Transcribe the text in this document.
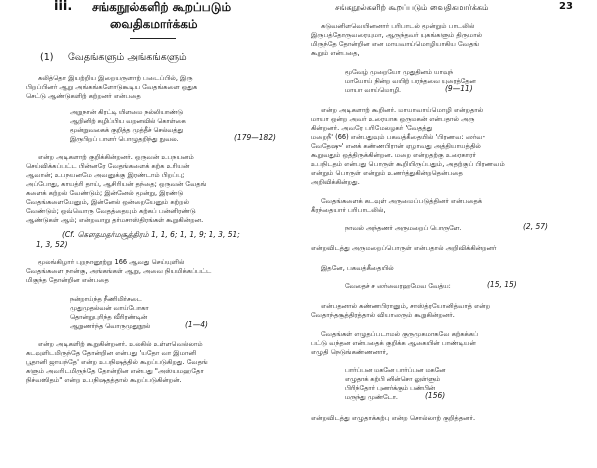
iii. சங்கநூல்களிற் கூறப்படும்
வைதிகமார்க்கம்
(1) வேதங்களும் அங்கங்களும்
கலித்தொ இயற்றிய இறையருளாற் படைப்பில், இரு
பிறப்பினர் ஆறு அங்கங்களோடுகூடிய வேதங்களை ஒதுக
செட்டு ஆண்டுகளிற் கற்றனர் என்பதை
அறுநான் கிரட்டி யிளமை நல்லியாண்டு
ஆறினிற் கழிப்பிய வறனவில் கொள்கை
மூன்றுவகைக் குறித்த முத்தீச் செல்வத்து
இருபிறப் பாளர் பொழுதறிந்து நுவல.	(179—182)
என்ற அடிகளாற் குறிக்கின்றனர். ஒருவன் உபநயனம்
செய்விக்கப்பட்ட பின்னரே வேதங்களைக் கற்க உரியன்
ஆவான்; உபநயனமே அவனுக்கு இரண்டாம் பிறப்பு;
அப்போது, காயத்ரி தாய், ஆசிரியன் தந்தை; ஒருவன் வேதங்
களைக் கற்றல் வேண்டும்; இன்னேல் மூன்று, இரண்டு
வேதங்களையேனும், இன்னேல் ஒன்றையேனும் கற்றல்
வேண்டும்; ஒவ்வொரு வேதத்தையும் கற்கப் பன்னிரண்டு
ஆண்டுகள் ஆம்; என்றவாறு தர்மசாஸ்திரங்கள் கூறுகின்றன.
(Cf. கௌதமதர்மசூத்திரம் 1, 1, 6; 1, 1, 9; 1, 3, 51;
1, 3, 52)
மூலங்கிழார் புறநானூற்று 166 ஆவது செய்யுளில்
வேதங்களை நான்கு, அங்கங்கள் ஆறு, அவை நியமிக்கப்பட்ட
மிகுந்த தோன்றின என்பதை
நன்றாய்ந்த நீணிமிர்சடை
முதுமுதல்வன் வாய்போகா
தொன்றுபுரிந்த வீரிரண்டின்
ஆறுணர்ந்த வொருமுதுநூல்	(1—4)
என்ற அடிகளிற் கூறுகின்றனர். உலகில் உள்ளவெல்லாம்
கடவுளிடமிருந்தே தோன்றின என்பது 'யதோ வா இமானி
பூதானி ஜாயந்தே' என்ற உபநிஷத்தில் கூறப்படுகிறது. வேதங்
களும் அவரிடமிருந்தே தோன்றின என்பது "அஸ்யமஹதோ
நிச்வஸிதம்" என்ற உபநிஷதத்தால் கூறப்படுகின்றன்.
சங்கநூல்களிற் கூறப்படும் வைதிகமார்க்கம்	23
கடுவனிளவெயினனார் பரிபாடல் மூன்றும் பாடலில்
இருபத்தோருவரையுமா, ஆருந்தவர் யுகங்களும் திருமால்
மிருந்தே தோன்றின என மாயவாய்மொழியாகிய வேதங்
கூறும் என்பதை,
மூவேழ் முறையோ முதுதினம் யாவுந்
மாயோய் நின்ற வயிற் பரந்தவை யுரைத்தேன
மாயா வாய்மொழி.	(9—11)
என்ற அடிகளாற் கூறினர். மாயாவாய்மொழி என்றதால்
மாயா ஒன்ற அவர் உரையாக ஒருமகன் என்பதால் அரு
கின்றனர். அவரே பரிமேலழகர் 'வேதத்து
மறைநீ' (66) என்பதுவும் பகவத்கீதையில் 'பிரணவ: ஸர்வ-
வேதேஷு' எனக் கண்ணபிரான் ஏழாவது அத்தியாயத்தில்
கூறுவதும் ஒத்திருக்கின்றன. மறை என்றதற்கு உரைகாரர்
உபநிடதம் என்பது பொருள் கூறியிருப்பதும், அதற்குப் பிரணவம்
என்றும் பொருள் என்றும் உணர்த்துகின்றதென்பதை
அறிவிக்கின்றது.
வேதங்களைக் கடவுள் அருமைப்படுத்தினர் என்பதைக்
கீரந்தையார் பரிபாடலில்,
நாவல் அந்தணர் அருமறைப் பொருளே.	(2, 57)
என்றவிடத்து அருமறைப்பொருள் என்பதால் அறிவிக்கின்றனர்
இதனே, பகவத்கீதையில்
வேதைச் ச ஸர்வைரஹமேவ வேத்ய:	(15, 15)
என்பதனால் கண்ணபிரானும், சாஸ்த்ரயோனித்வாத் என்ற
வேதாந்தசூத்திரத்தால் வியாஸரும் கூறுகின்றனர்.
வேதங்கள் எழுதப்படாமல் குருமுகமாகவே கற்கக்கப்
பட்டு வந்தன என்பதைக் குறிக்க ஆகையின் பாண்டியன்
எழுதி நெடுங்கண்ணனார்,
பார்ப்பன மகனே பார்ப்பன மகனே
எழுதாக் கற்பி னின்சொ லுள்ளும்
பிரிந்தோர் புணர்க்கும் பண்பின்
மருந்து முண்டோ.	(156)
என்றவிடத்து எழுதாக்கற்பு என்ற சொல்லாற் குறித்தனர்.
